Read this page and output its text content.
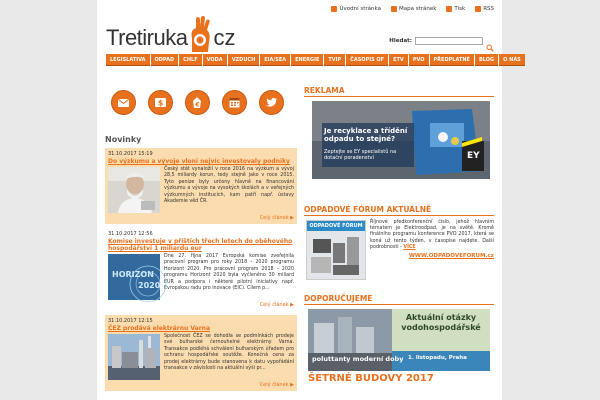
Úvodní stránka	Mapa stránek	Tisk	RSS
Tretiruka cz	Hledat:
LEGISLATIVA	ODPAD	CHLF	VODA	VZDUCH	EIA/SEA	ENERGIE	TVIP	ČASOPIS OF	ETV	PVO	PŘEDPLATNÉ	BLOG	O NÁS
$	€
Novinky
31.10.2017 15:19
Do výzkumu a vývoje vloni nejvíc investovaly podniky
Český stát vynaložil v roce 2016 na výzkum a vývoj 28,5 miliardy korun, tedy stejně jako v roce 2015. Tyto peníze byly určeny hlavně na financování výzkumu a vývoje na vysokých školách a v veřejných výzkumných institucích, kam patří např. ústavy Akademie věd ČR.
Celý článek ▶
31.10.2017 12:56
Komise investuje v příštích třech letech do oběhového hospodářství 1 miliardu eur
HORIZON
2020
Dne 27. října 2017 Evropská komise zveřejnila pracovní program pro roky 2018 – 2020 programu Horizont 2020. Pro pracovní program 2018 – 2020 programu Horizont 2020 byla vyčleněno 30 miliard EUR a podpora i některé pilotní iniciativy např. Evropskou radu pro inovace (EIC). Cílem p...
Celý článek ▶
31.10.2017 12:15
ČEZ prodává elektrárnu Varna
Společnost ČEZ se dohodla se podmínkách prodeje své bulharské černouhelné elektrárny Varna. Transakce podléhá schválení bulharským úřadem pro ochranu hospodářské soutěže. Konečná cena za prodej elektrárny bude stanovena k datu vypořádání transakce v závislosti na aktuální výši pr...
Celý článek ▶
REKLAMA
Je recyklace a třídění odpadu to stejné?
Zeptejte se EY specialistů na dotační poradenství	EY
ODPADOVÉ FÓRUM AKTUÁLNĚ
ODPADOVÉ FÓRUM
Říjnové předkonferenční číslo, jehož hlavním tématem je Elektroodpad, je na světě. Kromě finálního programu konference PVO 2017, která se koná už tento týden, v časopise najdete. Další podrobnosti - VÍCE
WWW.ODPADOVEFORUM.cz
DOPORUČUJEME
Aktuální otázky vodohospodářské
1. listopadu, Praha
poluttanty moderní doby
ŠETRNÉ BUDOVY 2017
